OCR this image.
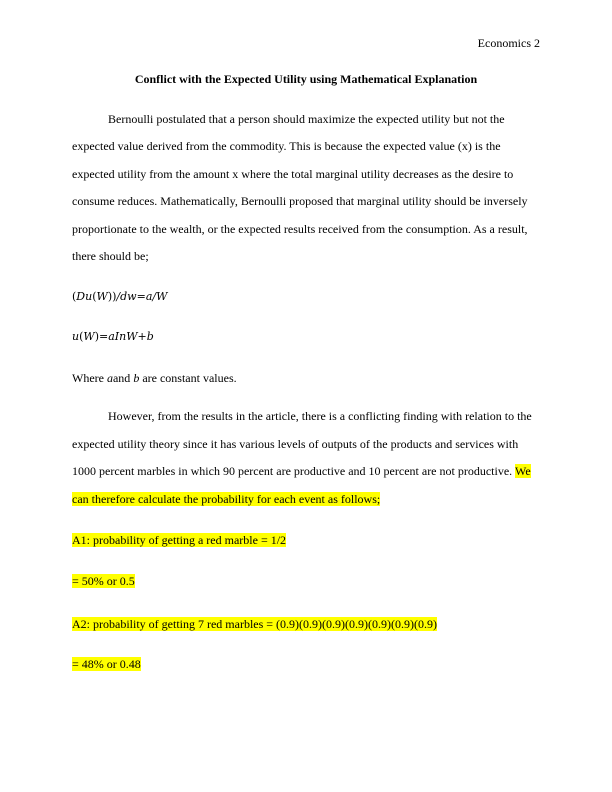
Economics 2
Conflict with the Expected Utility using Mathematical Explanation
Bernoulli postulated that a person should maximize the expected utility but not the
expected value derived from the commodity. This is because the expected value (x) is the
expected utility from the amount x where the total marginal utility decreases as the desire to
consume reduces. Mathematically, Bernoulli proposed that marginal utility should be inversely
proportionate to the wealth, or the expected results received from the consumption. As a result,
there should be;
(Du(W))/dw=a/W
u(W)=aInW+b
Where aand b are constant values.
However, from the results in the article, there is a conflicting finding with relation to the
expected utility theory since it has various levels of outputs of the products and services with
1000 percent marbles in which 90 percent are productive and 10 percent are not productive. We
can therefore calculate the probability for each event as follows;
A1: probability of getting a red marble = 1/2
= 50% or 0.5
A2: probability of getting 7 red marbles = (0.9)(0.9)(0.9)(0.9)(0.9)(0.9)(0.9)
= 48% or 0.48
